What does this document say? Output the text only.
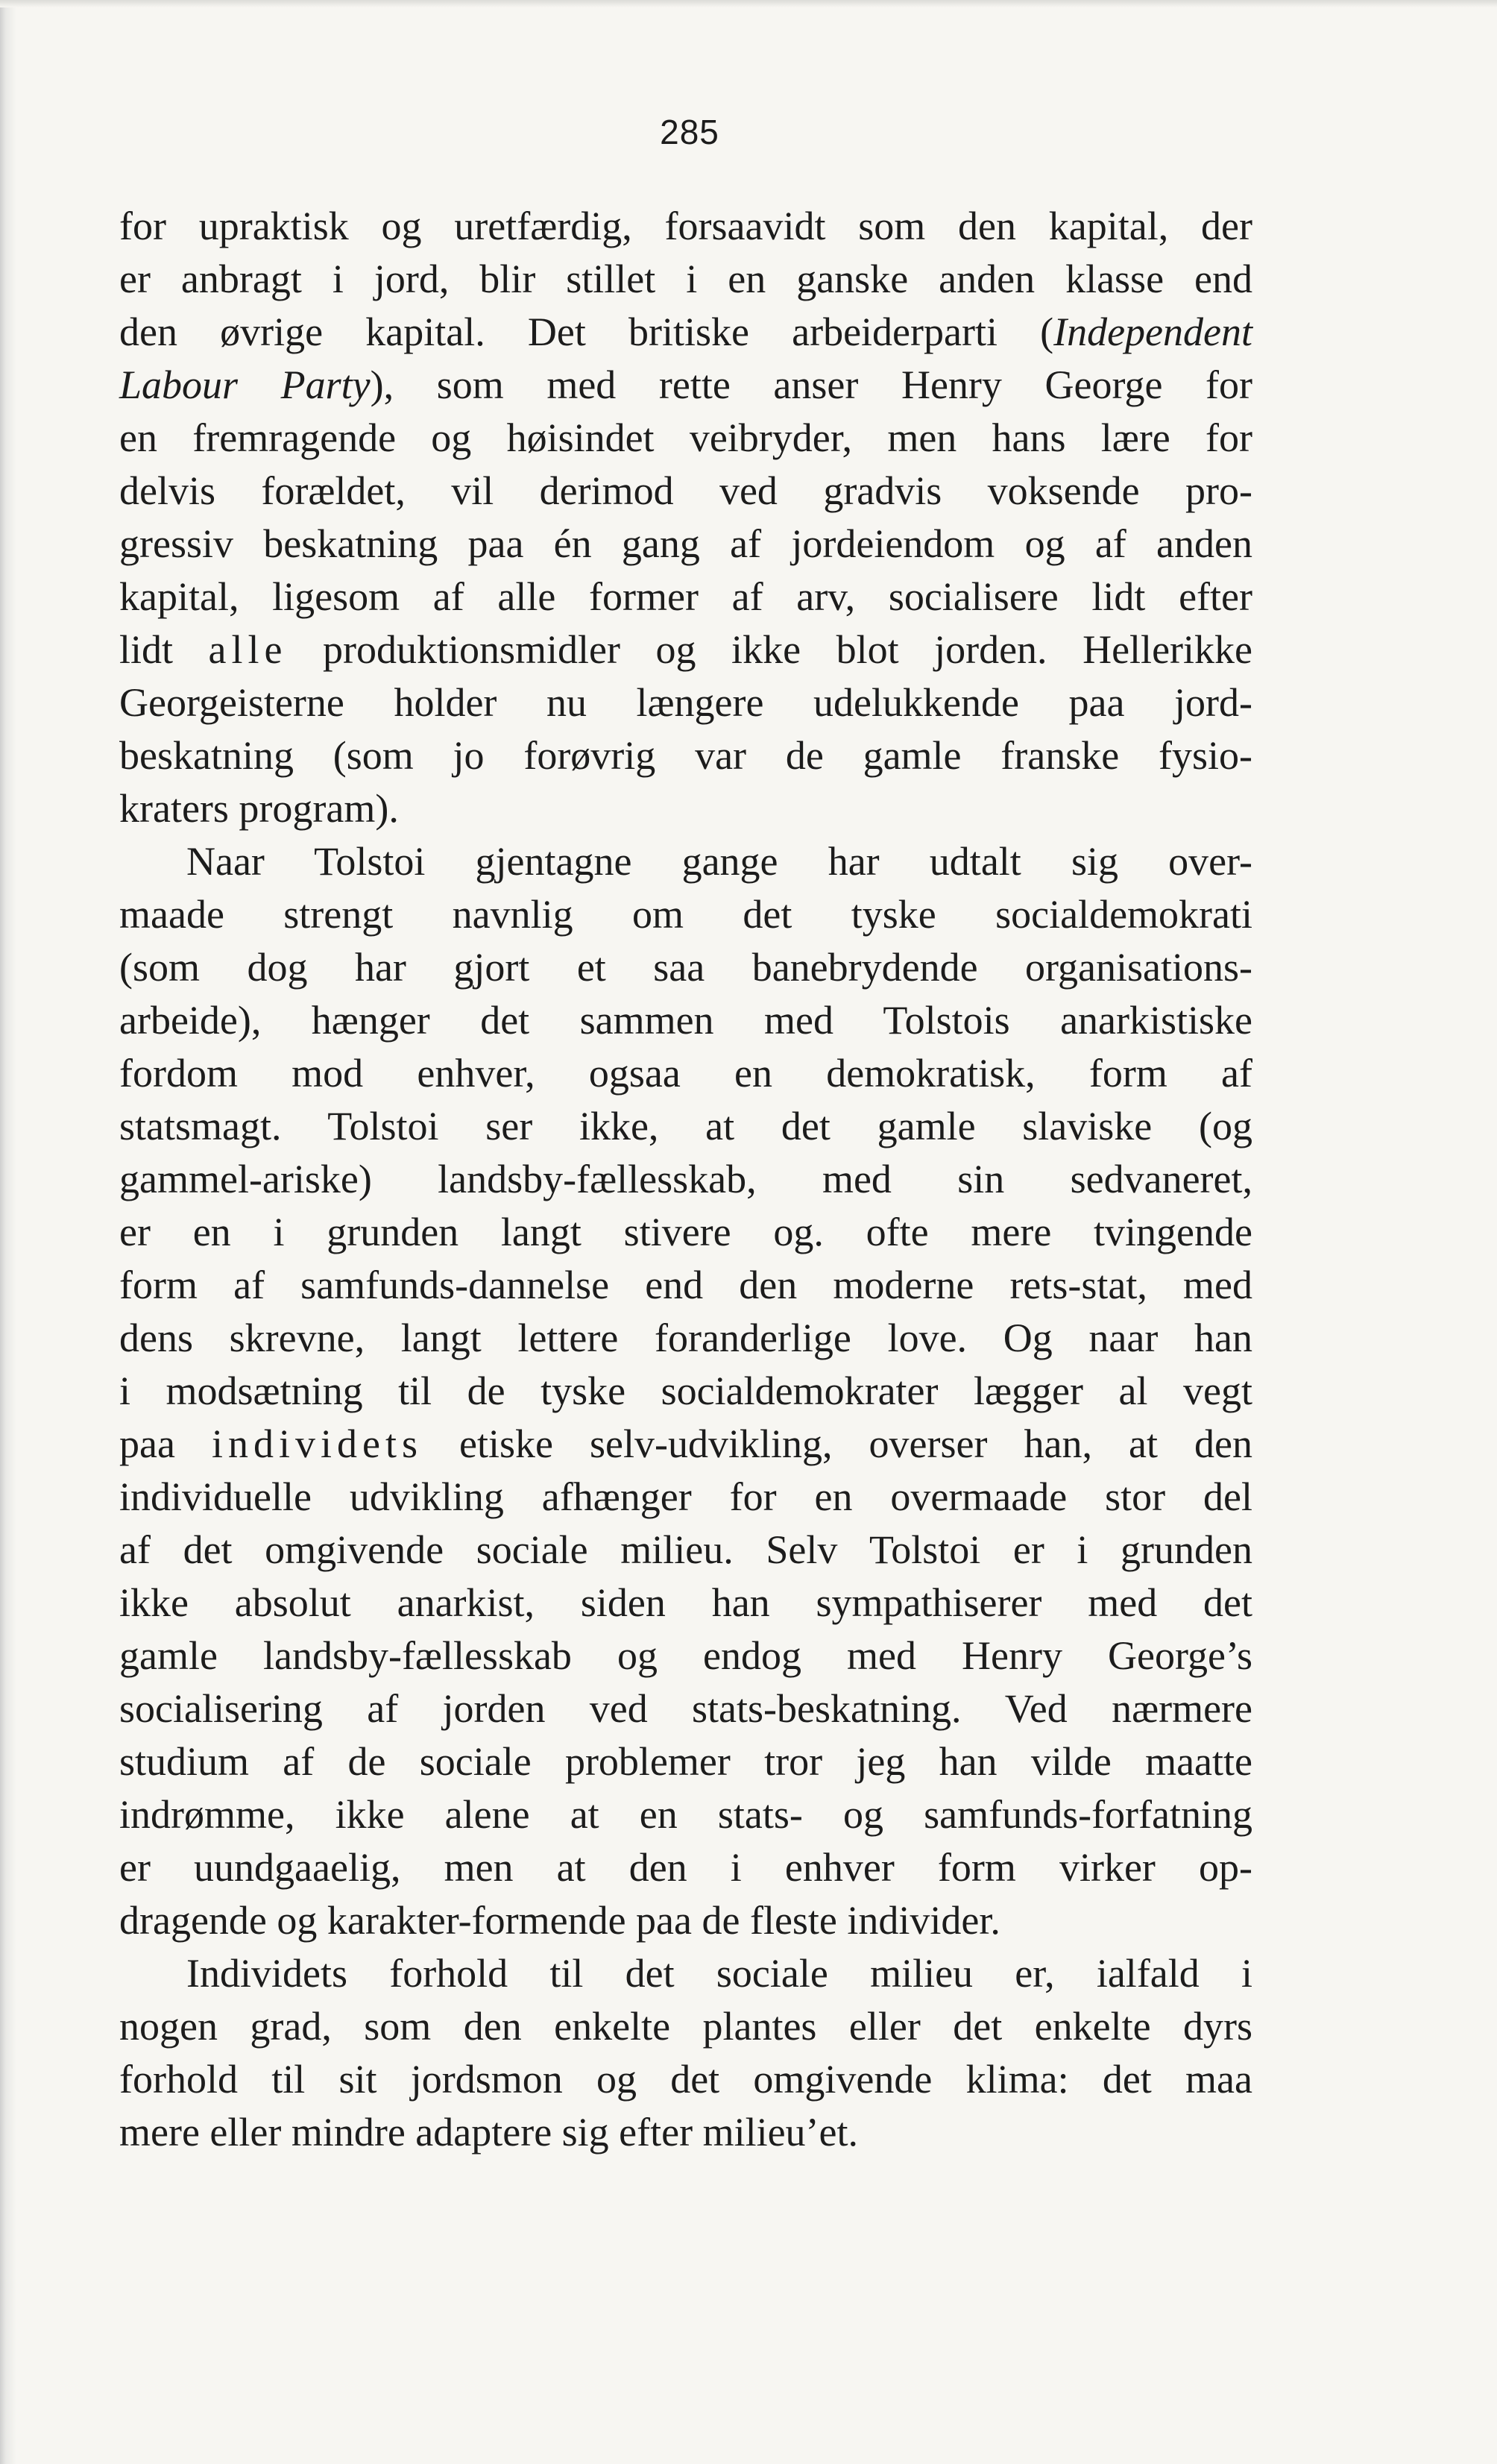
285
for upraktisk og uretfærdig, forsaavidt som den kapital, der
er anbragt i jord, blir stillet i en ganske anden klasse end
den øvrige kapital. Det britiske arbeiderparti (Independent
Labour Party), som med rette anser Henry George for
en fremragende og høisindet veibryder, men hans lære for
delvis forældet, vil derimod ved gradvis voksende pro-
gressiv beskatning paa én gang af jordeiendom og af anden
kapital, ligesom af alle former af arv, socialisere lidt efter
lidt alle produktionsmidler og ikke blot jorden. Hellerikke
Georgeisterne holder nu længere udelukkende paa jord-
beskatning (som jo forøvrig var de gamle franske fysio-
kraters program).
Naar Tolstoi gjentagne gange har udtalt sig over-
maade strengt navnlig om det tyske socialdemokrati
(som dog har gjort et saa banebrydende organisations-
arbeide), hænger det sammen med Tolstois anarkistiske
fordom mod enhver, ogsaa en demokratisk, form af
statsmagt. Tolstoi ser ikke, at det gamle slaviske (og
gammel-ariske) landsby-fællesskab, med sin sedvaneret,
er en i grunden langt stivere og. ofte mere tvingende
form af samfunds-dannelse end den moderne rets-stat, med
dens skrevne, langt lettere foranderlige love. Og naar han
i modsætning til de tyske socialdemokrater lægger al vegt
paa individets etiske selv-udvikling, overser han, at den
individuelle udvikling afhænger for en overmaade stor del
af det omgivende sociale milieu. Selv Tolstoi er i grunden
ikke absolut anarkist, siden han sympathiserer med det
gamle landsby-fællesskab og endog med Henry George’s
socialisering af jorden ved stats-beskatning. Ved nærmere
studium af de sociale problemer tror jeg han vilde maatte
indrømme, ikke alene at en stats- og samfunds-forfatning
er uundgaaelig, men at den i enhver form virker op-
dragende og karakter-formende paa de fleste individer.
Individets forhold til det sociale milieu er, ialfald i
nogen grad, som den enkelte plantes eller det enkelte dyrs
forhold til sit jordsmon og det omgivende klima: det maa
mere eller mindre adaptere sig efter milieu’et.
